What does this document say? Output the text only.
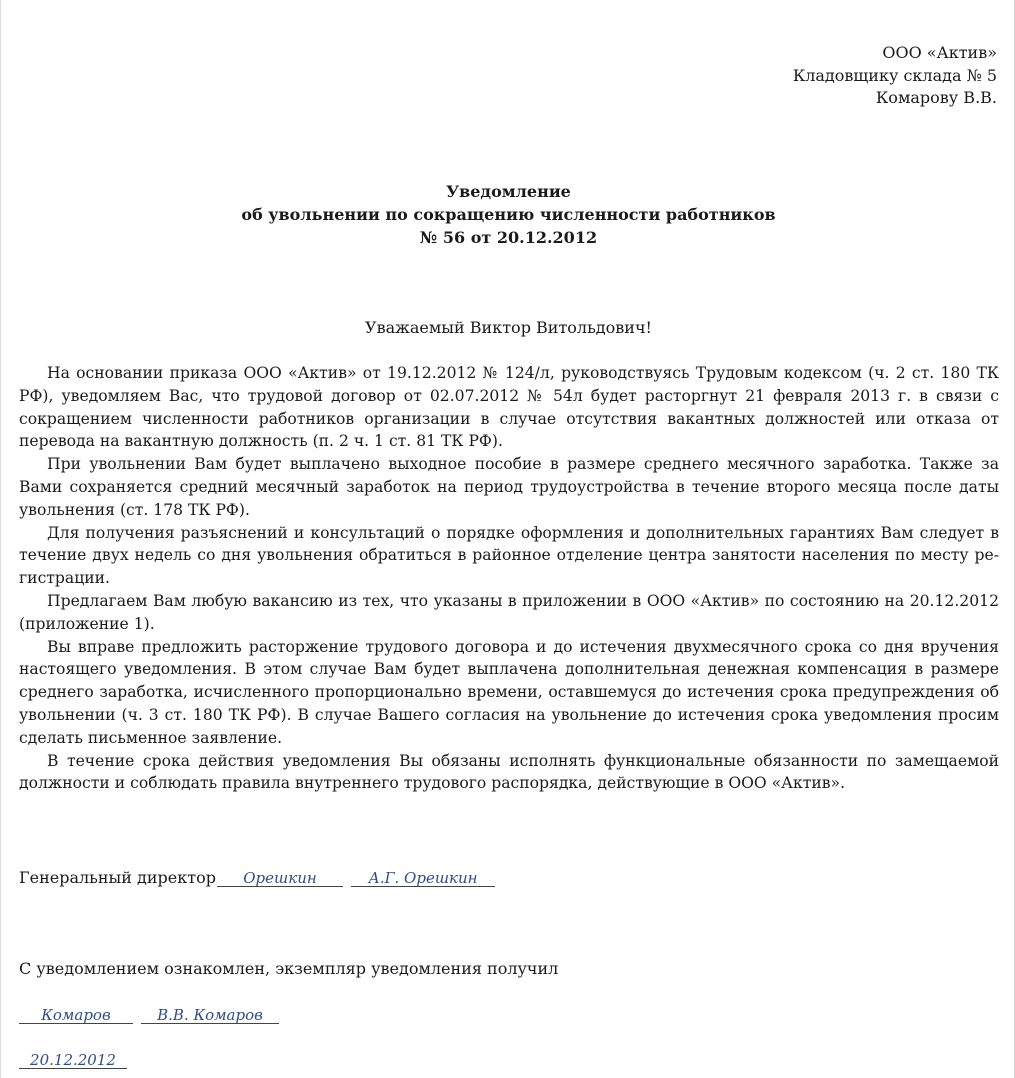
ООО «Актив»
Кладовщику склада № 5
Комарову В.В.
Уведомление
об увольнении по сокращению численности работников
№ 56 от 20.12.2012
Уважаемый Виктор Витольдович!

На основании приказа ООО «Актив» от 19.12.2012 № 124/л, руководствуясь Трудовым кодексом (ч. 2 ст. 180 ТК РФ), уведомляем Вас, что трудовой договор от 02.07.2012 № 54л будет расторгнут 21 февраля 2013 г. в связи с сокращением численности работников организации в случае отсутствия вакантных должностей или отказа от перевода на вакантную должность (п. 2 ч. 1 ст. 81 ТК РФ).

При увольнении Вам будет выплачено выходное пособие в размере среднего месячного заработка. Также за Вами сохраняется средний месячный заработок на период трудоустройства в течение второго месяца после даты увольнения (ст. 178 ТК РФ).

Для получения разъяснений и консультаций о порядке оформления и дополнительных гарантиях Вам следует в течение двух недель со дня увольнения обратиться в районное отделение центра занятости населения по месту регистрации.

Предлагаем Вам любую вакансию из тех, что указаны в приложении в ООО «Актив» по состоянию на 20.12.2012 (приложение 1).

Вы вправе предложить расторжение трудового договора и до истечения двухмесячного срока со дня вручения настоящего уведомления. В этом случае Вам будет выплачена дополнительная денежная компенсация в размере среднего заработка, исчисленного пропорционально времени, оставшемуся до истечения срока предупреждения об увольнении (ч. 3 ст. 180 ТК РФ). В случае Вашего согласия на увольнение до истечения срока уведомления просим сделать письменное заявление.

В течение срока действия уведомления Вы обязаны исполнять функциональные обязанности по замещаемой должности и соблюдать правила внутреннего трудового распорядка, действующие в ООО «Актив».

Генеральный директор	Орешкин	А.Г. Орешкин
С уведомлением ознакомлен, экземпляр уведомления получил
Комаров	В.В. Комаров
20.12.2012
